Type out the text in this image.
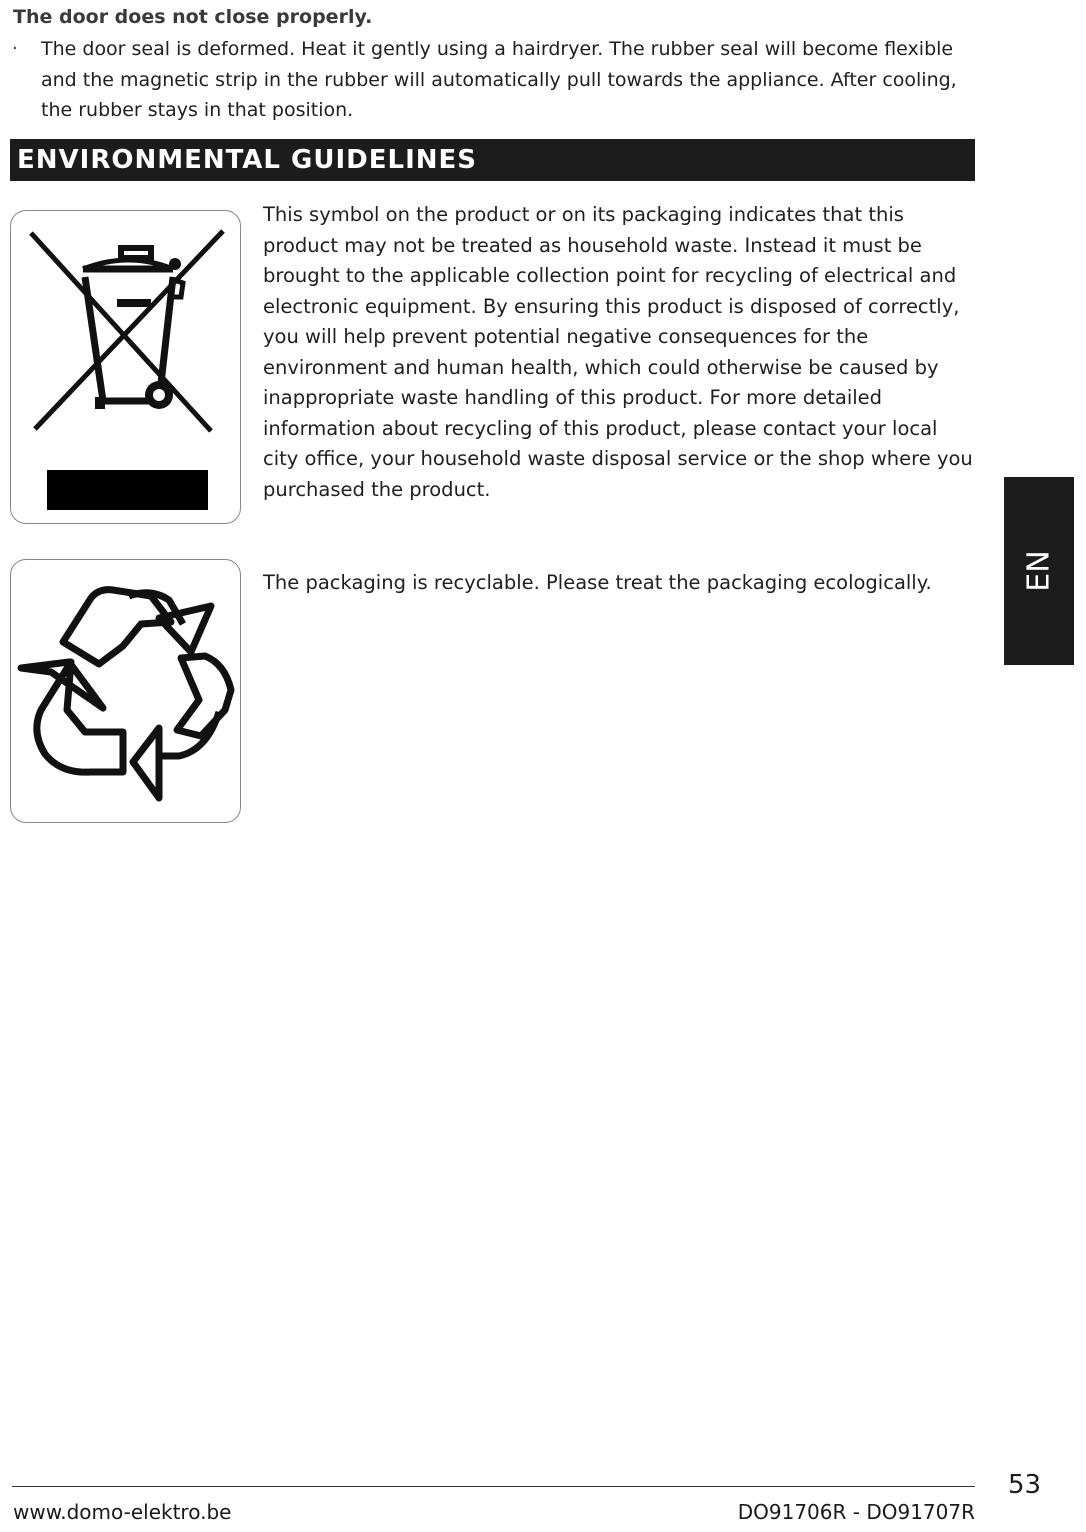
The door does not close properly.
· The door seal is deformed. Heat it gently using a hairdryer. The rubber seal will become flexible and the magnetic strip in the rubber will automatically pull towards the appliance. After cooling, the rubber stays in that position.
ENVIRONMENTAL GUIDELINES
This symbol on the product or on its packaging indicates that this product may not be treated as household waste. Instead it must be brought to the applicable collection point for recycling of electrical and electronic equipment. By ensuring this product is disposed of correctly, you will help prevent potential negative consequences for the environment and human health, which could otherwise be caused by inappropriate waste handling of this product. For more detailed information about recycling of this product, please contact your local city office, your household waste disposal service or the shop where you purchased the product.
The packaging is recyclable. Please treat the packaging ecologically.	EN
53
www.domo-elektro.be	DO91706R - DO91707R
